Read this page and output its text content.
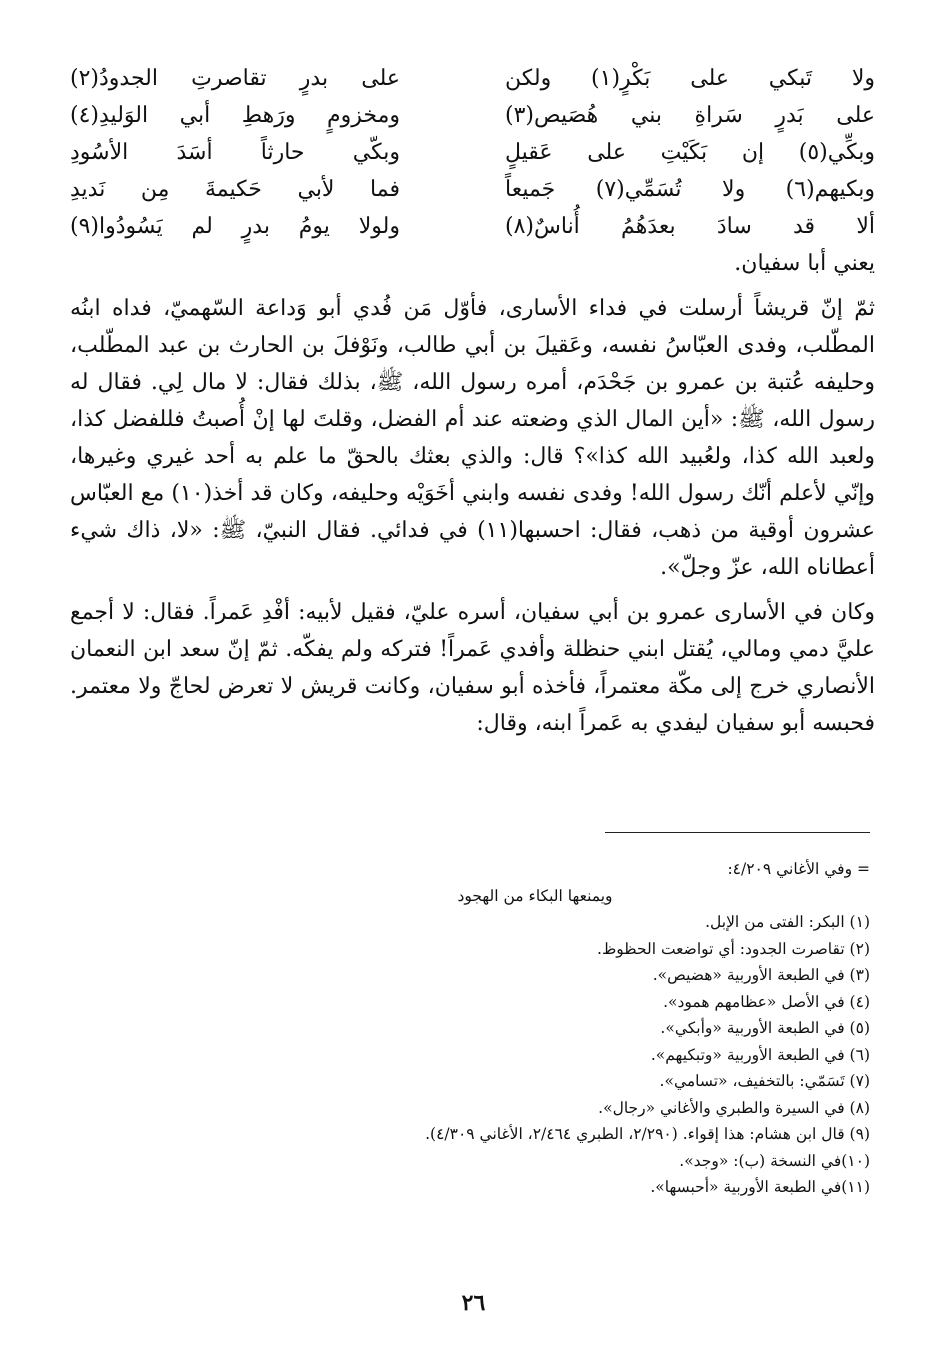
ولا تَبكي على بَكْرٍ(١) ولكن
على بدرٍ تقاصرتِ الجدودُ(٢)
على بَدرٍ سَراةِ بني هُصَيص(٣)
ومخزومٍ ورَهطِ أبي الوَليدِ(٤)
وبكِّي(٥) إن بَكَيْتِ على عَقيلٍ
وبكّي حارثاً أسَدَ الأسُودِ
وبكيهم(٦) ولا تُسَمِّي(٧) جَميعاً
فما لأبي حَكيمةَ مِن نَديدِ
ألا قد سادَ بعدَهُمُ أُناسٌ(٨)
ولولا يومُ بدرٍ لم يَسُودُوا(٩)
يعني أبا سفيان.

ثمّ إنّ قريشاً أرسلت في فداء الأسارى، فأوّل مَن فُدي أبو وَداعة السّهميّ، فداه ابنُه المطّلب، وفدى العبّاسُ نفسه، وعَقيلَ بن أبي طالب، ونَوْفلَ بن الحارث بن عبد المطّلب، وحليفه عُتبة بن عمرو بن جَحْدَم، أمره رسول الله، ﷺ، بذلك فقال: لا مال لِي. فقال له رسول الله، ﷺ: «أين المال الذي وضعته عند أم الفضل، وقلتَ لها إنْ أُصبتُ فللفضل كذا، ولعبد الله كذا، ولعُبيد الله كذا»؟ قال: والذي بعثك بالحقّ ما علم به أحد غيري وغيرها، وإنّي لأعلم أنّك رسول الله! وفدى نفسه وابني أخَوَيْه وحليفه، وكان قد أخذ(١٠) مع العبّاس عشرون أوقية من ذهب، فقال: احسبها(١١) في فدائي. فقال النبيّ، ﷺ: «لا، ذاك شيء أعطاناه الله، عزّ وجلّ».

وكان في الأسارى عمرو بن أبي سفيان، أسره عليّ، فقيل لأبيه: أفْدِ عَمراً. فقال: لا أجمع عليَّ دمي ومالي، يُقتل ابني حنظلة وأفدي عَمراً! فتركه ولم يفكّه. ثمّ إنّ سعد ابن النعمان الأنصاري خرج إلى مكّة معتمراً، فأخذه أبو سفيان، وكانت قريش لا تعرض لحاجّ ولا معتمر. فحبسه أبو سفيان ليفدي به عَمراً ابنه، وقال:

= وفي الأغاني ٤/٢٠٩:
ويمنعها البكاء من الهجود
(١) البكر: الفتى من الإبل.
(٢) تقاصرت الجدود: أي تواضعت الحظوظ.
(٣) في الطبعة الأوربية «هضيص».
(٤) في الأصل «عظامهم همود».
(٥) في الطبعة الأوربية «وأبكي».
(٦) في الطبعة الأوربية «وتبكيهم».
(٧) تَسَمّي: بالتخفيف، «تسامي».
(٨) في السيرة والطبري والأغاني «رجال».
(٩) قال ابن هشام: هذا إقواء. (٢/٢٩٠، الطبري ٢/٤٦٤، الأغاني ٤/٣٠٩).
(١٠)في النسخة (ب): «وجد».
(١١)في الطبعة الأوربية «أحبسها».
٢٦
